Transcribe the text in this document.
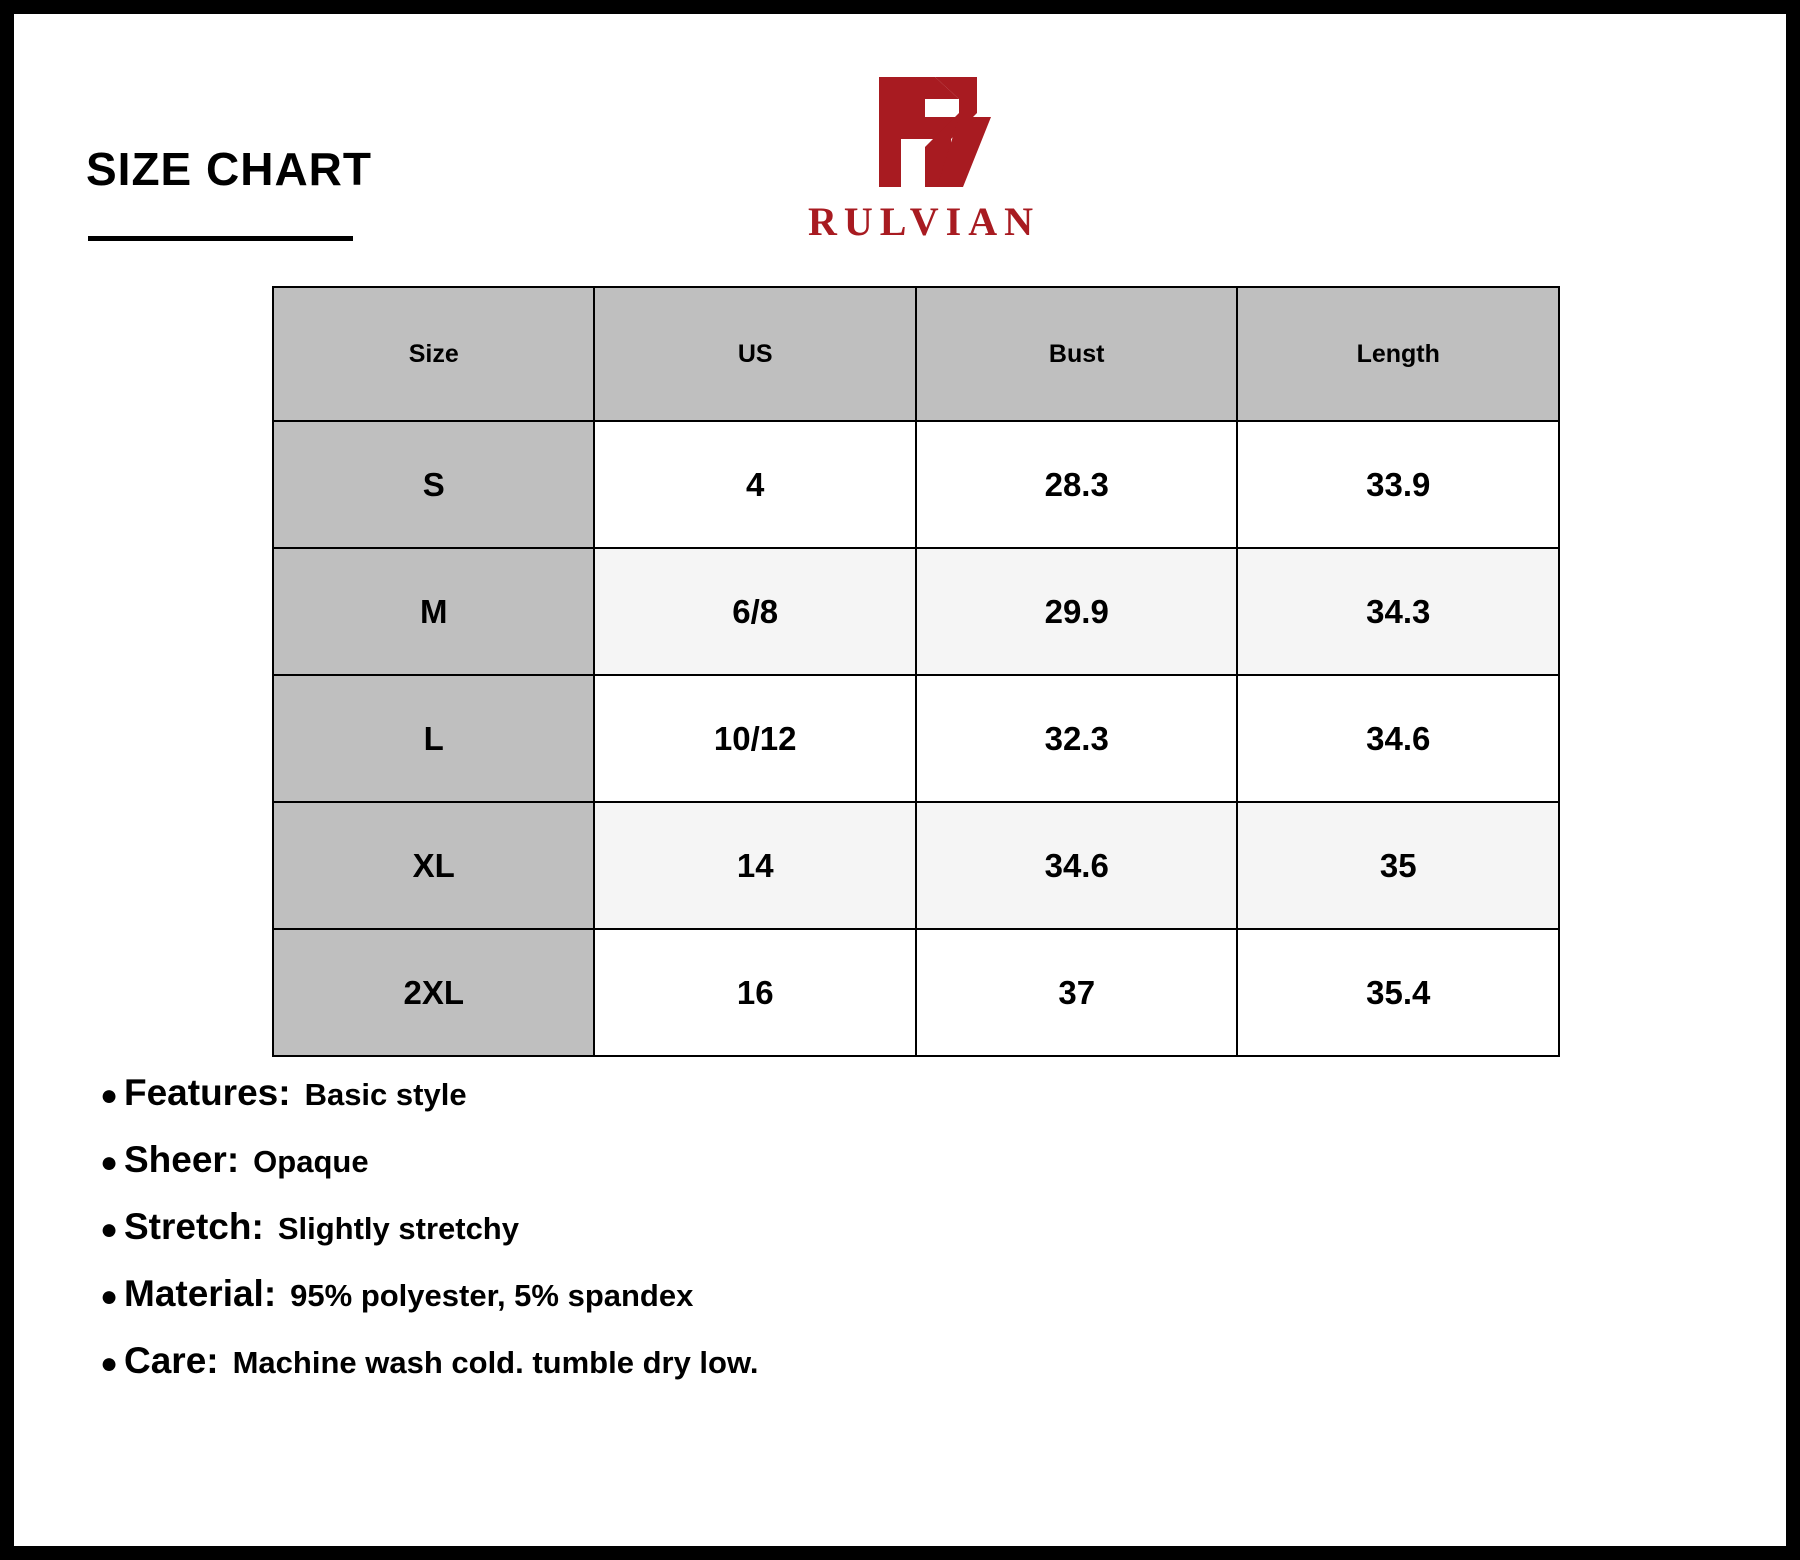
SIZE CHART
RULVIAN
Size	US	Bust	Length
S	4	28.3	33.9
M	6/8	29.9	34.3
L	10/12	32.3	34.6
XL	14	34.6	35
2XL	16	37	35.4
● Features: Basic style
● Sheer: Opaque
● Stretch: Slightly stretchy
● Material: 95% polyester, 5% spandex
● Care: Machine wash cold. tumble dry low.
